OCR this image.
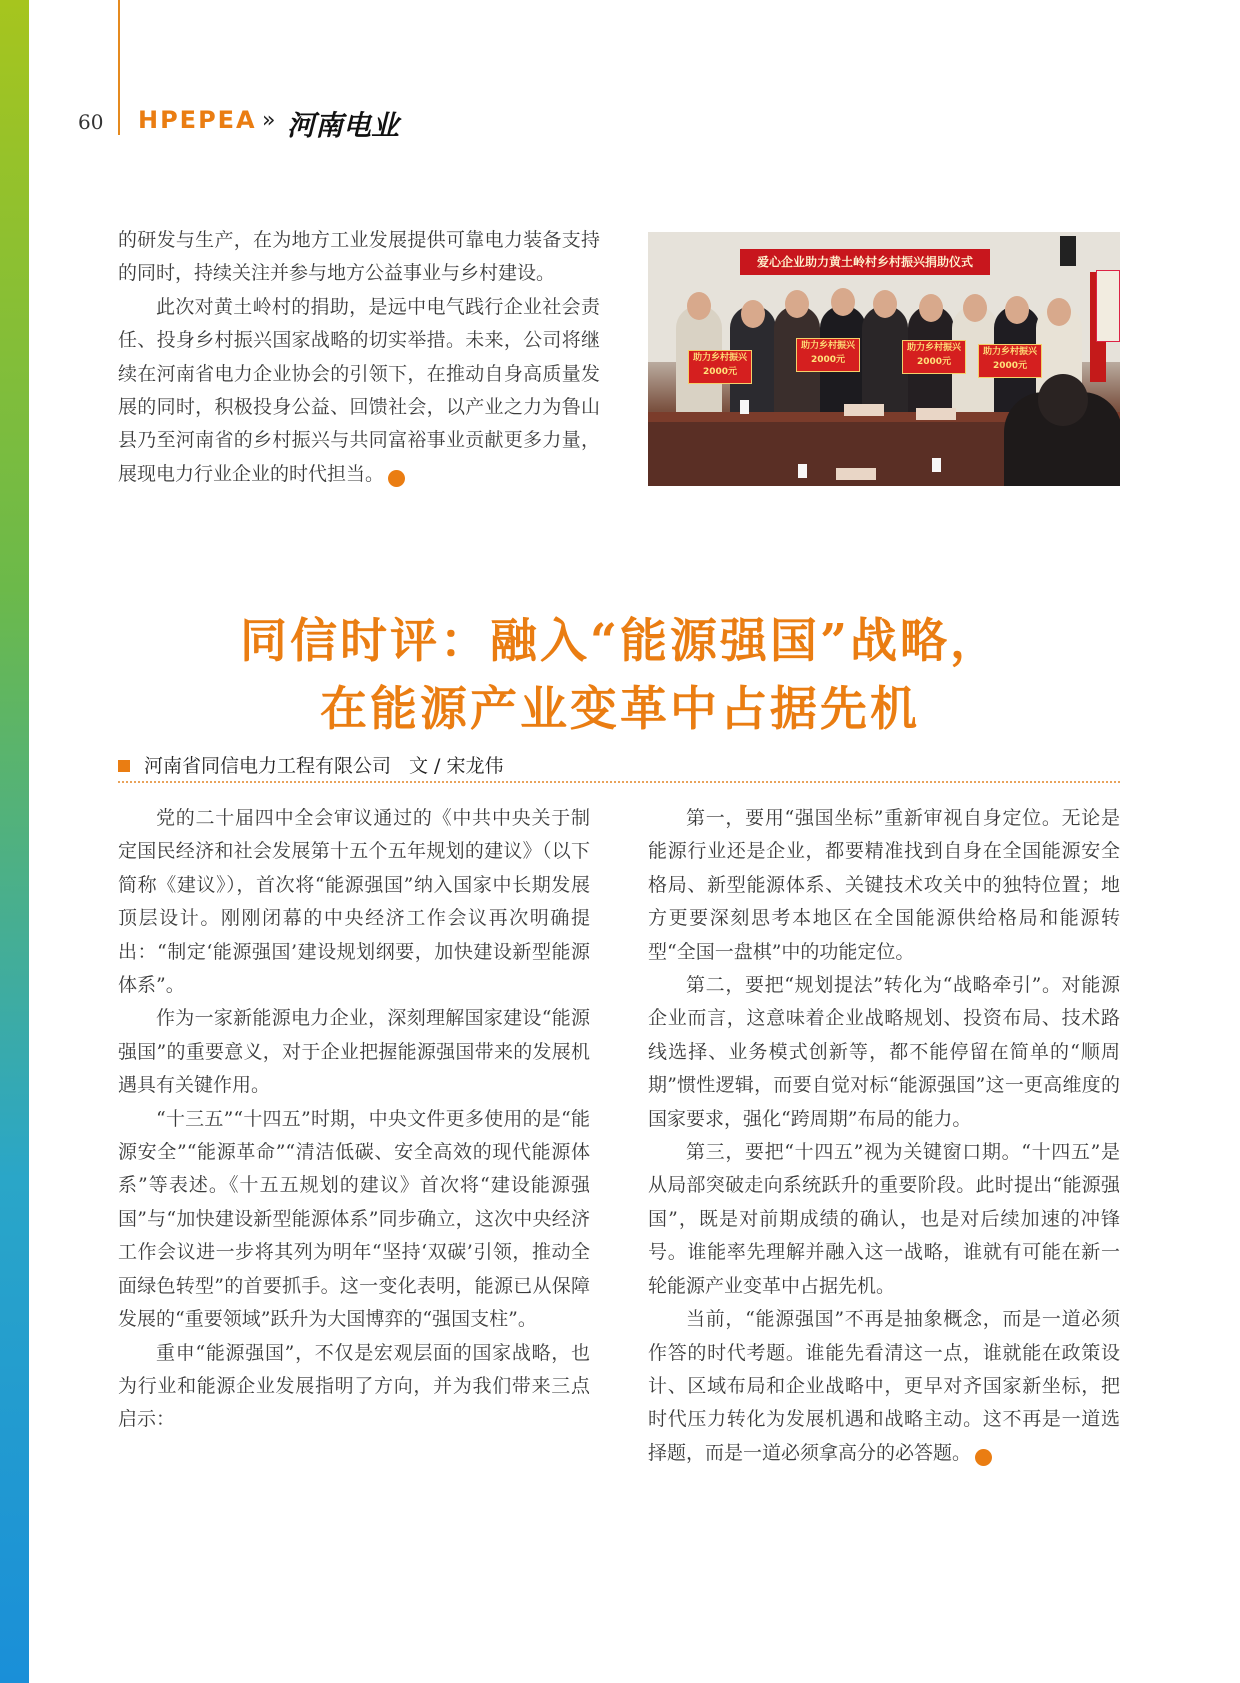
60 HPEPEA » 河南电业

的研发与生产，在为地方工业发展提供可靠电力装备支持的同时，持续关注并参与地方公益事业与乡村建设。

此次对黄土岭村的捐助，是远中电气践行企业社会责任、投身乡村振兴国家战略的切实举措。未来，公司将继续在河南省电力企业协会的引领下，在推动自身高质量发展的同时，积极投身公益、回馈社会，以产业之力为鲁山县乃至河南省的乡村振兴与共同富裕事业贡献更多力量，展现电力行业企业的时代担当。	电

爱心企业助力黄土岭村乡村振兴捐助仪式
助力乡村振兴
2000元
助力乡村振兴
2000元
助力乡村振兴
2000元
助力乡村振兴
2000元
同信时评：融入“能源强国”战略，
在能源产业变革中占据先机
河南省同信电力工程有限公司 文 / 宋龙伟

党的二十届四中全会审议通过的《中共中央关于制定国民经济和社会发展第十五个五年规划的建议》（以下简称《建议》），首次将“能源强国”纳入国家中长期发展顶层设计。刚刚闭幕的中央经济工作会议再次明确提出：“制定‘能源强国’建设规划纲要，加快建设新型能源体系”。

作为一家新能源电力企业，深刻理解国家建设“能源强国”的重要意义，对于企业把握能源强国带来的发展机遇具有关键作用。

“十三五”“十四五”时期，中央文件更多使用的是“能源安全”“能源革命”“清洁低碳、安全高效的现代能源体系”等表述。《十五五规划的建议》首次将“建设能源强国”与“加快建设新型能源体系”同步确立，这次中央经济工作会议进一步将其列为明年“坚持‘双碳’引领，推动全面绿色转型”的首要抓手。这一变化表明，能源已从保障发展的“重要领域”跃升为大国博弈的“强国支柱”。

重申“能源强国”，不仅是宏观层面的国家战略，也为行业和能源企业发展指明了方向，并为我们带来三点启示：

第一，要用“强国坐标”重新审视自身定位。无论是能源行业还是企业，都要精准找到自身在全国能源安全格局、新型能源体系、关键技术攻关中的独特位置；地方更要深刻思考本地区在全国能源供给格局和能源转型“全国一盘棋”中的功能定位。

第二，要把“规划提法”转化为“战略牵引”。对能源企业而言，这意味着企业战略规划、投资布局、技术路线选择、业务模式创新等，都不能停留在简单的“顺周期”惯性逻辑，而要自觉对标“能源强国”这一更高维度的国家要求，强化“跨周期”布局的能力。

第三，要把“十四五”视为关键窗口期。“十四五”是从局部突破走向系统跃升的重要阶段。此时提出“能源强国”，既是对前期成绩的确认，也是对后续加速的冲锋号。谁能率先理解并融入这一战略，谁就有可能在新一轮能源产业变革中占据先机。

当前，“能源强国”不再是抽象概念，而是一道必须作答的时代考题。谁能先看清这一点，谁就能在政策设计、区域布局和企业战略中，更早对齐国家新坐标，把时代压力转化为发展机遇和战略主动。这不再是一道选择题，而是一道必须拿高分的必答题。	电
